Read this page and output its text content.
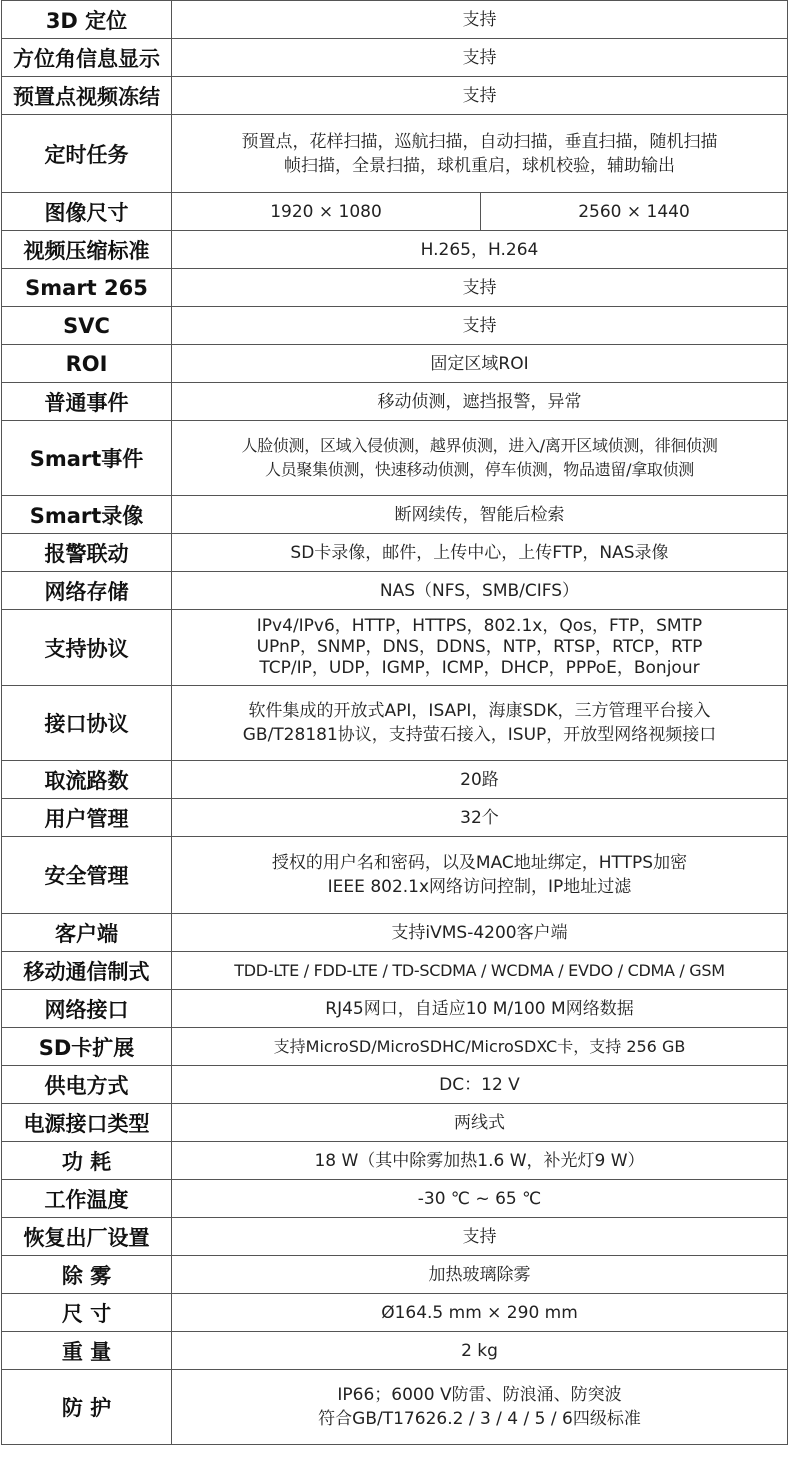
3D 定位	支持	
方位角信息显示	支持	
预置点视频冻结	支持	
定时任务	预置点，花样扫描，巡航扫描，自动扫描，垂直扫描，随机扫描
帧扫描，全景扫描，球机重启，球机校验，辅助输出	
图像尺寸	1920 × 1080	2560 × 1440
视频压缩标准	H.265，H.264	
Smart 265	支持	
SVC	支持	
ROI	固定区域ROI	
普通事件	移动侦测，遮挡报警，异常	
Smart事件	人脸侦测，区域入侵侦测，越界侦测，进入/离开区域侦测，徘徊侦测
人员聚集侦测，快速移动侦测，停车侦测，物品遗留/拿取侦测	
Smart录像	断网续传，智能后检索	
报警联动	SD卡录像，邮件，上传中心，上传FTP，NAS录像	
网络存储	NAS（NFS，SMB/CIFS）	
支持协议	IPv4/IPv6，HTTP，HTTPS，802.1x，Qos，FTP，SMTP
UPnP，SNMP，DNS，DDNS，NTP，RTSP，RTCP，RTP
TCP/IP，UDP，IGMP，ICMP，DHCP，PPPoE，Bonjour	
接口协议	软件集成的开放式API，ISAPI，海康SDK，三方管理平台接入
GB/T28181协议，支持萤石接入，ISUP，开放型网络视频接口	
取流路数	20路	
用户管理	32个	
安全管理	授权的用户名和密码，以及MAC地址绑定，HTTPS加密
IEEE 802.1x网络访问控制，IP地址过滤	
客户端	支持iVMS-4200客户端	
移动通信制式	TDD-LTE / FDD-LTE / TD-SCDMA / WCDMA / EVDO / CDMA / GSM	
网络接口	RJ45网口，自适应10 M/100 M网络数据	
SD卡扩展	支持MicroSD/MicroSDHC/MicroSDXC卡，支持 256 GB	
供电方式	DC：12 V	
电源接口类型	两线式	
功 耗	18 W（其中除雾加热1.6 W，补光灯9 W）	
工作温度	-30 ℃ ~ 65 ℃	
恢复出厂设置	支持	
除 雾	加热玻璃除雾	
尺 寸	Ø164.5 mm × 290 mm	
重 量	2 kg	
防 护	IP66；6000 V防雷、防浪涌、防突波
符合GB/T17626.2 / 3 / 4 / 5 / 6四级标准	
